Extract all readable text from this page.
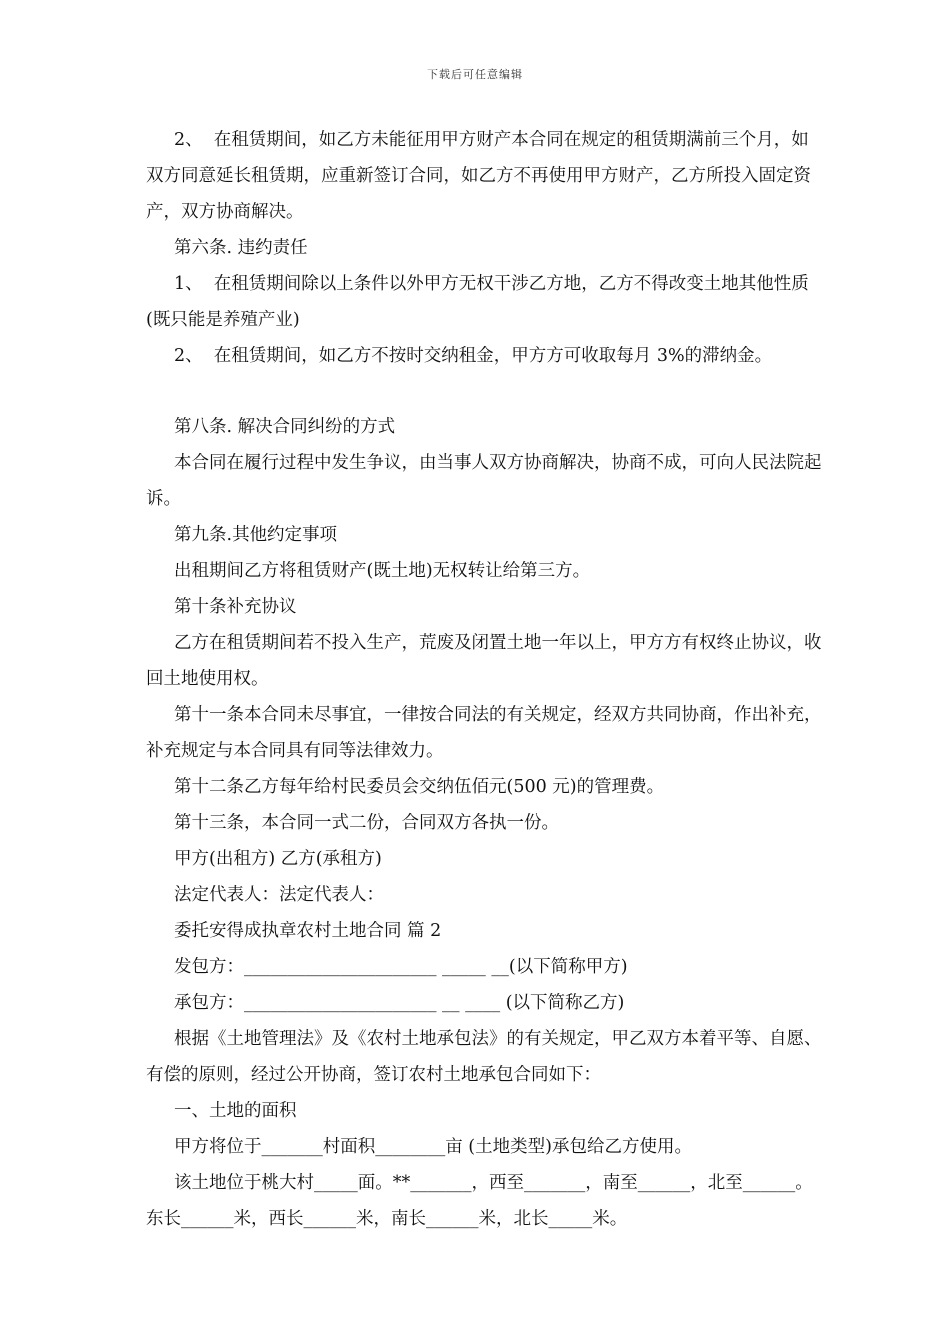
下载后可任意编辑

2、  在租赁期间，如乙方未能征用甲方财产本合同在规定的租赁期满前三个月，如双方同意延长租赁期，应重新签订合同，如乙方不再使用甲方财产，乙方所投入固定资产，双方协商解决。

第六条. 违约责任

1、  在租赁期间除以上条件以外甲方无权干涉乙方地，乙方不得改变土地其他性质(既只能是养殖产业)

2、  在租赁期间，如乙方不按时交纳租金，甲方方可收取每月 3%的滞纳金。

第八条. 解决合同纠纷的方式

本合同在履行过程中发生争议，由当事人双方协商解决，协商不成，可向人民法院起诉。

第九条.其他约定事项

出租期间乙方将租赁财产(既土地)无权转让给第三方。

第十条补充协议

乙方在租赁期间若不投入生产，荒废及闭置土地一年以上，甲方方有权终止协议，收回土地使用权。

第十一条本合同未尽事宜，一律按合同法的有关规定，经双方共同协商，作出补充，补充规定与本合同具有同等法律效力。

第十二条乙方每年给村民委员会交纳伍佰元(500 元)的管理费。

第十三条，本合同一式二份，合同双方各执一份。

甲方(出租方) 乙方(承租方)

法定代表人：法定代表人：

委托安得成执章农村土地合同 篇 2

发包方：______________________ _____ __(以下简称甲方)

承包方：______________________ __ ____ (以下简称乙方)

根据《土地管理法》及《农村土地承包法》的有关规定，甲乙双方本着平等、自愿、有偿的原则，经过公开协商，签订农村土地承包合同如下：

一、土地的面积

甲方将位于_______村面积________亩 (土地类型)承包给乙方使用。

该土地位于桃大村_____面。**_______，西至_______，南至______，北至______。东长______米，西长______米，南长______米，北长_____米。
